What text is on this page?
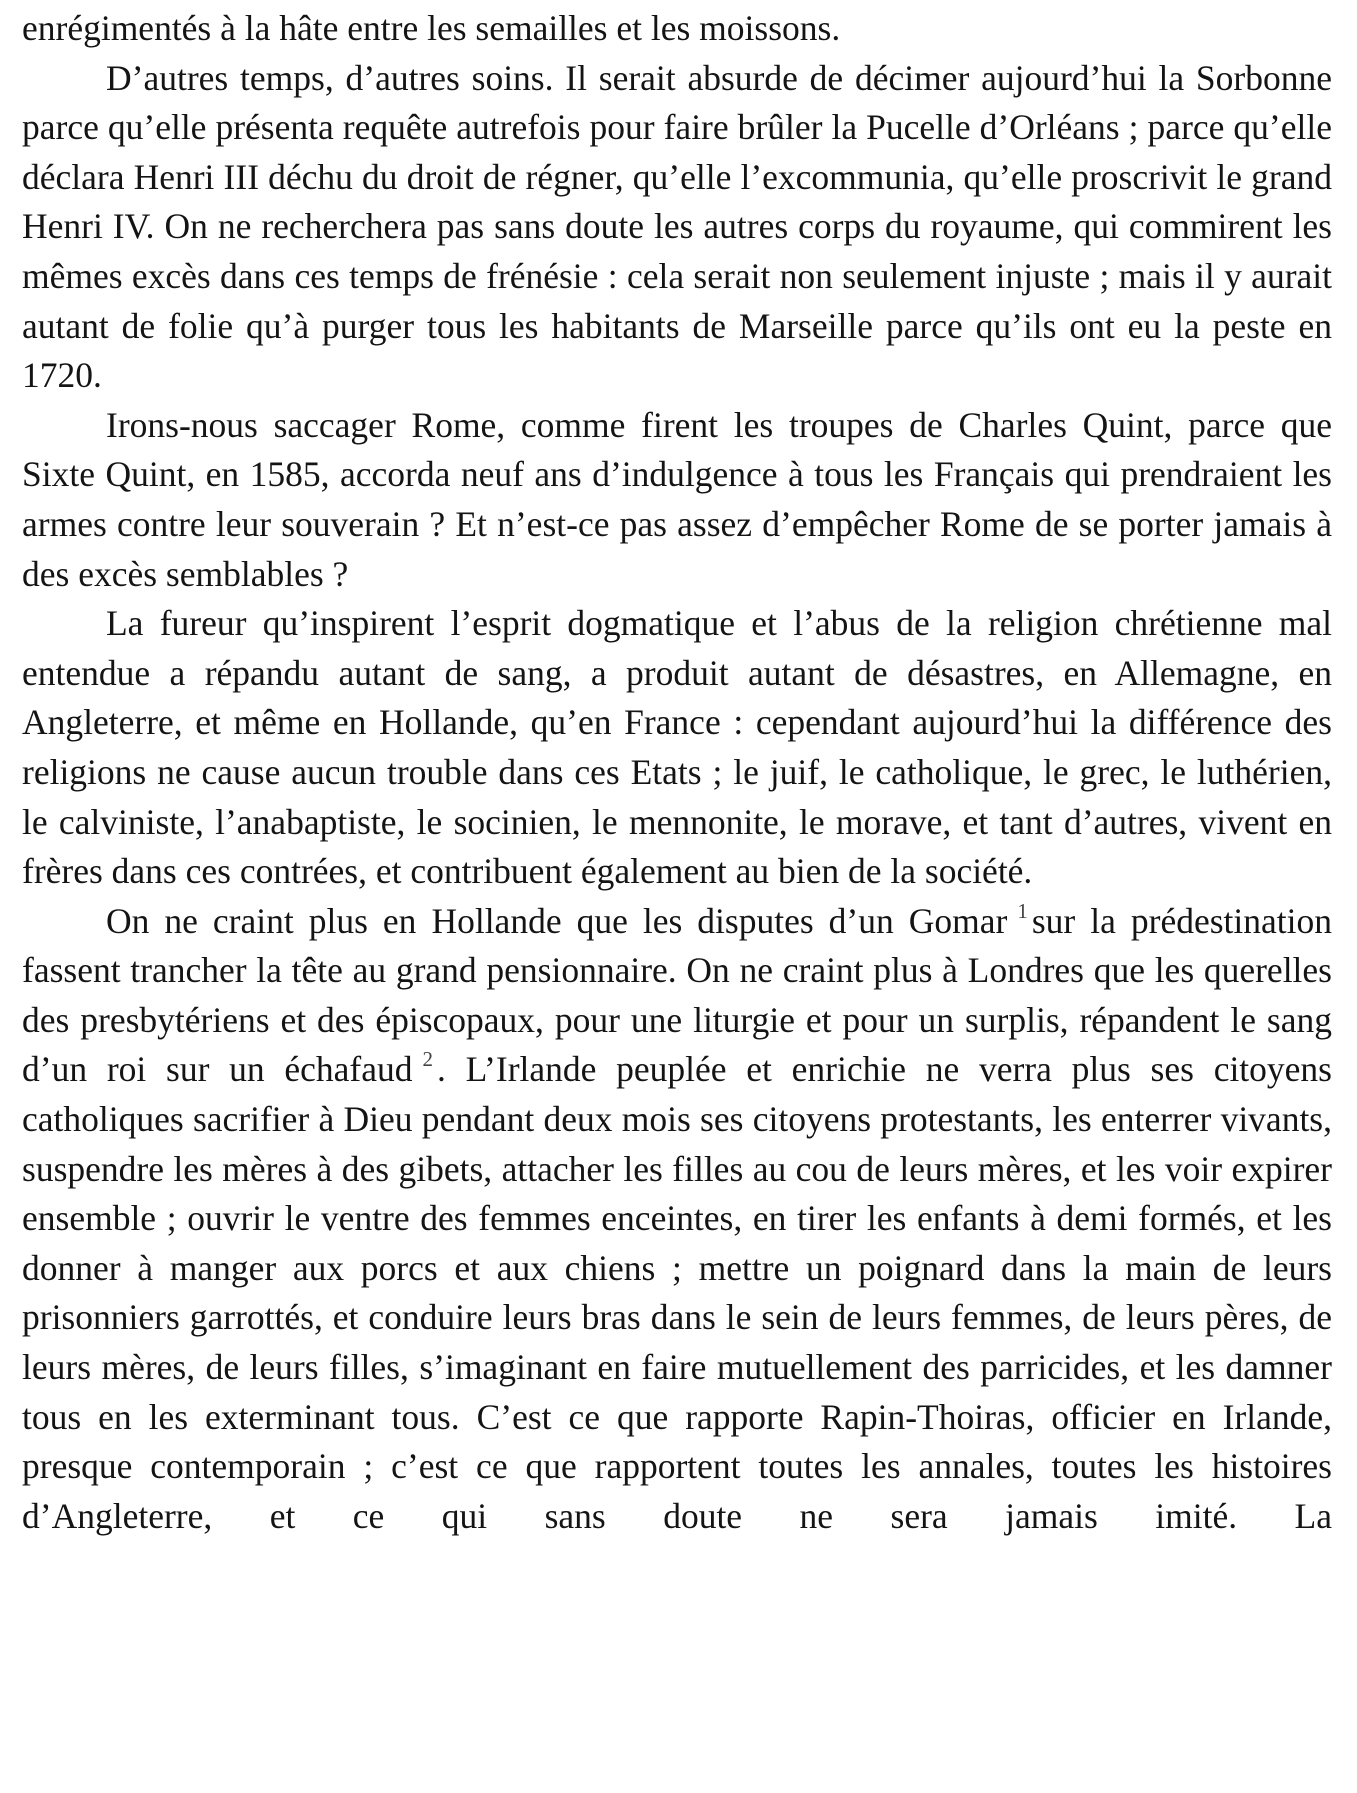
enrégimentés à la hâte entre les semailles et les moissons.

D’autres temps, d’autres soins. Il serait absurde de décimer aujourd’hui la Sorbonne parce qu’elle présenta requête autrefois pour faire brûler la Pucelle d’Orléans ; parce qu’elle déclara Henri III déchu du droit de régner, qu’elle l’excommunia, qu’elle proscrivit le grand Henri IV. On ne recherchera pas sans doute les autres corps du royaume, qui commirent les mêmes excès dans ces temps de frénésie : cela serait non seulement injuste ; mais il y aurait autant de folie qu’à purger tous les habitants de Marseille parce qu’ils ont eu la peste en 1720.

Irons-nous saccager Rome, comme firent les troupes de Charles Quint, parce que Sixte Quint, en 1585, accorda neuf ans d’indulgence à tous les Français qui prendraient les armes contre leur souverain ? Et n’est-ce pas assez d’empêcher Rome de se porter jamais à des excès semblables ?

La fureur qu’inspirent l’esprit dogmatique et l’abus de la religion chrétienne mal entendue a répandu autant de sang, a produit autant de désastres, en Allemagne, en Angleterre, et même en Hollande, qu’en France : cependant aujourd’hui la différence des religions ne cause aucun trouble dans ces Etats ; le juif, le catholique, le grec, le luthérien, le calviniste, l’anabaptiste, le socinien, le mennonite, le morave, et tant d’autres, vivent en frères dans ces contrées, et contribuent également au bien de la société.

On ne craint plus en Hollande que les disputes d’un Gomar $^1$ sur la prédestination fassent trancher la tête au grand pensionnaire. On ne craint plus à Londres que les querelles des presbytériens et des épiscopaux, pour une liturgie et pour un surplis, répandent le sang d’un roi sur un échafaud $^2$ . L’Irlande peuplée et enrichie ne verra plus ses citoyens catholiques sacrifier à Dieu pendant deux mois ses citoyens protestants, les enterrer vivants, suspendre les mères à des gibets, attacher les filles au cou de leurs mères, et les voir expirer ensemble ; ouvrir le ventre des femmes enceintes, en tirer les enfants à demi formés, et les donner à manger aux porcs et aux chiens ; mettre un poignard dans la main de leurs prisonniers garrottés, et conduire leurs bras dans le sein de leurs femmes, de leurs pères, de leurs mères, de leurs filles, s’imaginant en faire mutuellement des parricides, et les damner tous en les exterminant tous. C’est ce que rapporte Rapin-Thoiras, officier en Irlande, presque contemporain ; c’est ce que rapportent toutes les annales, toutes les histoires d’Angleterre, et ce qui sans doute ne sera jamais imité. La
